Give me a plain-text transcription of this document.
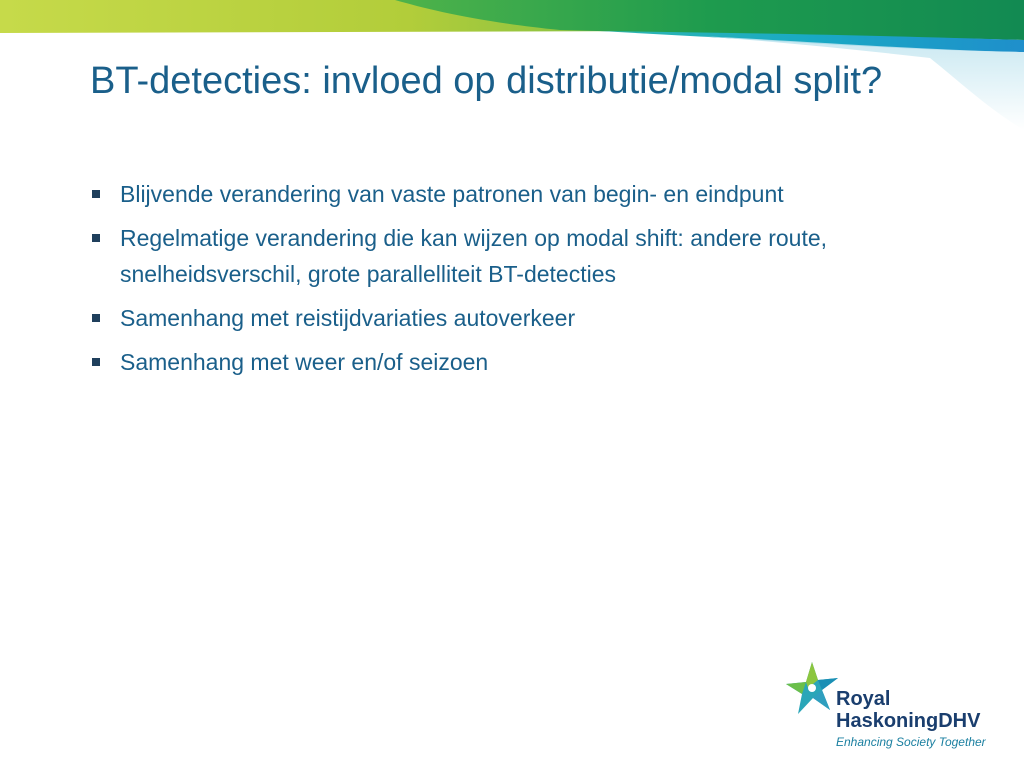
BT-detecties: invloed op distributie/modal split?
Blijvende verandering van vaste patronen van begin- en eindpunt
Regelmatige verandering die kan wijzen op modal shift: andere route, snelheidsverschil, grote parallelliteit BT-detecties
Samenhang met reistijdvariaties autoverkeer
Samenhang met weer en/of seizoen
Royal
HaskoningDHV
Enhancing Society Together
